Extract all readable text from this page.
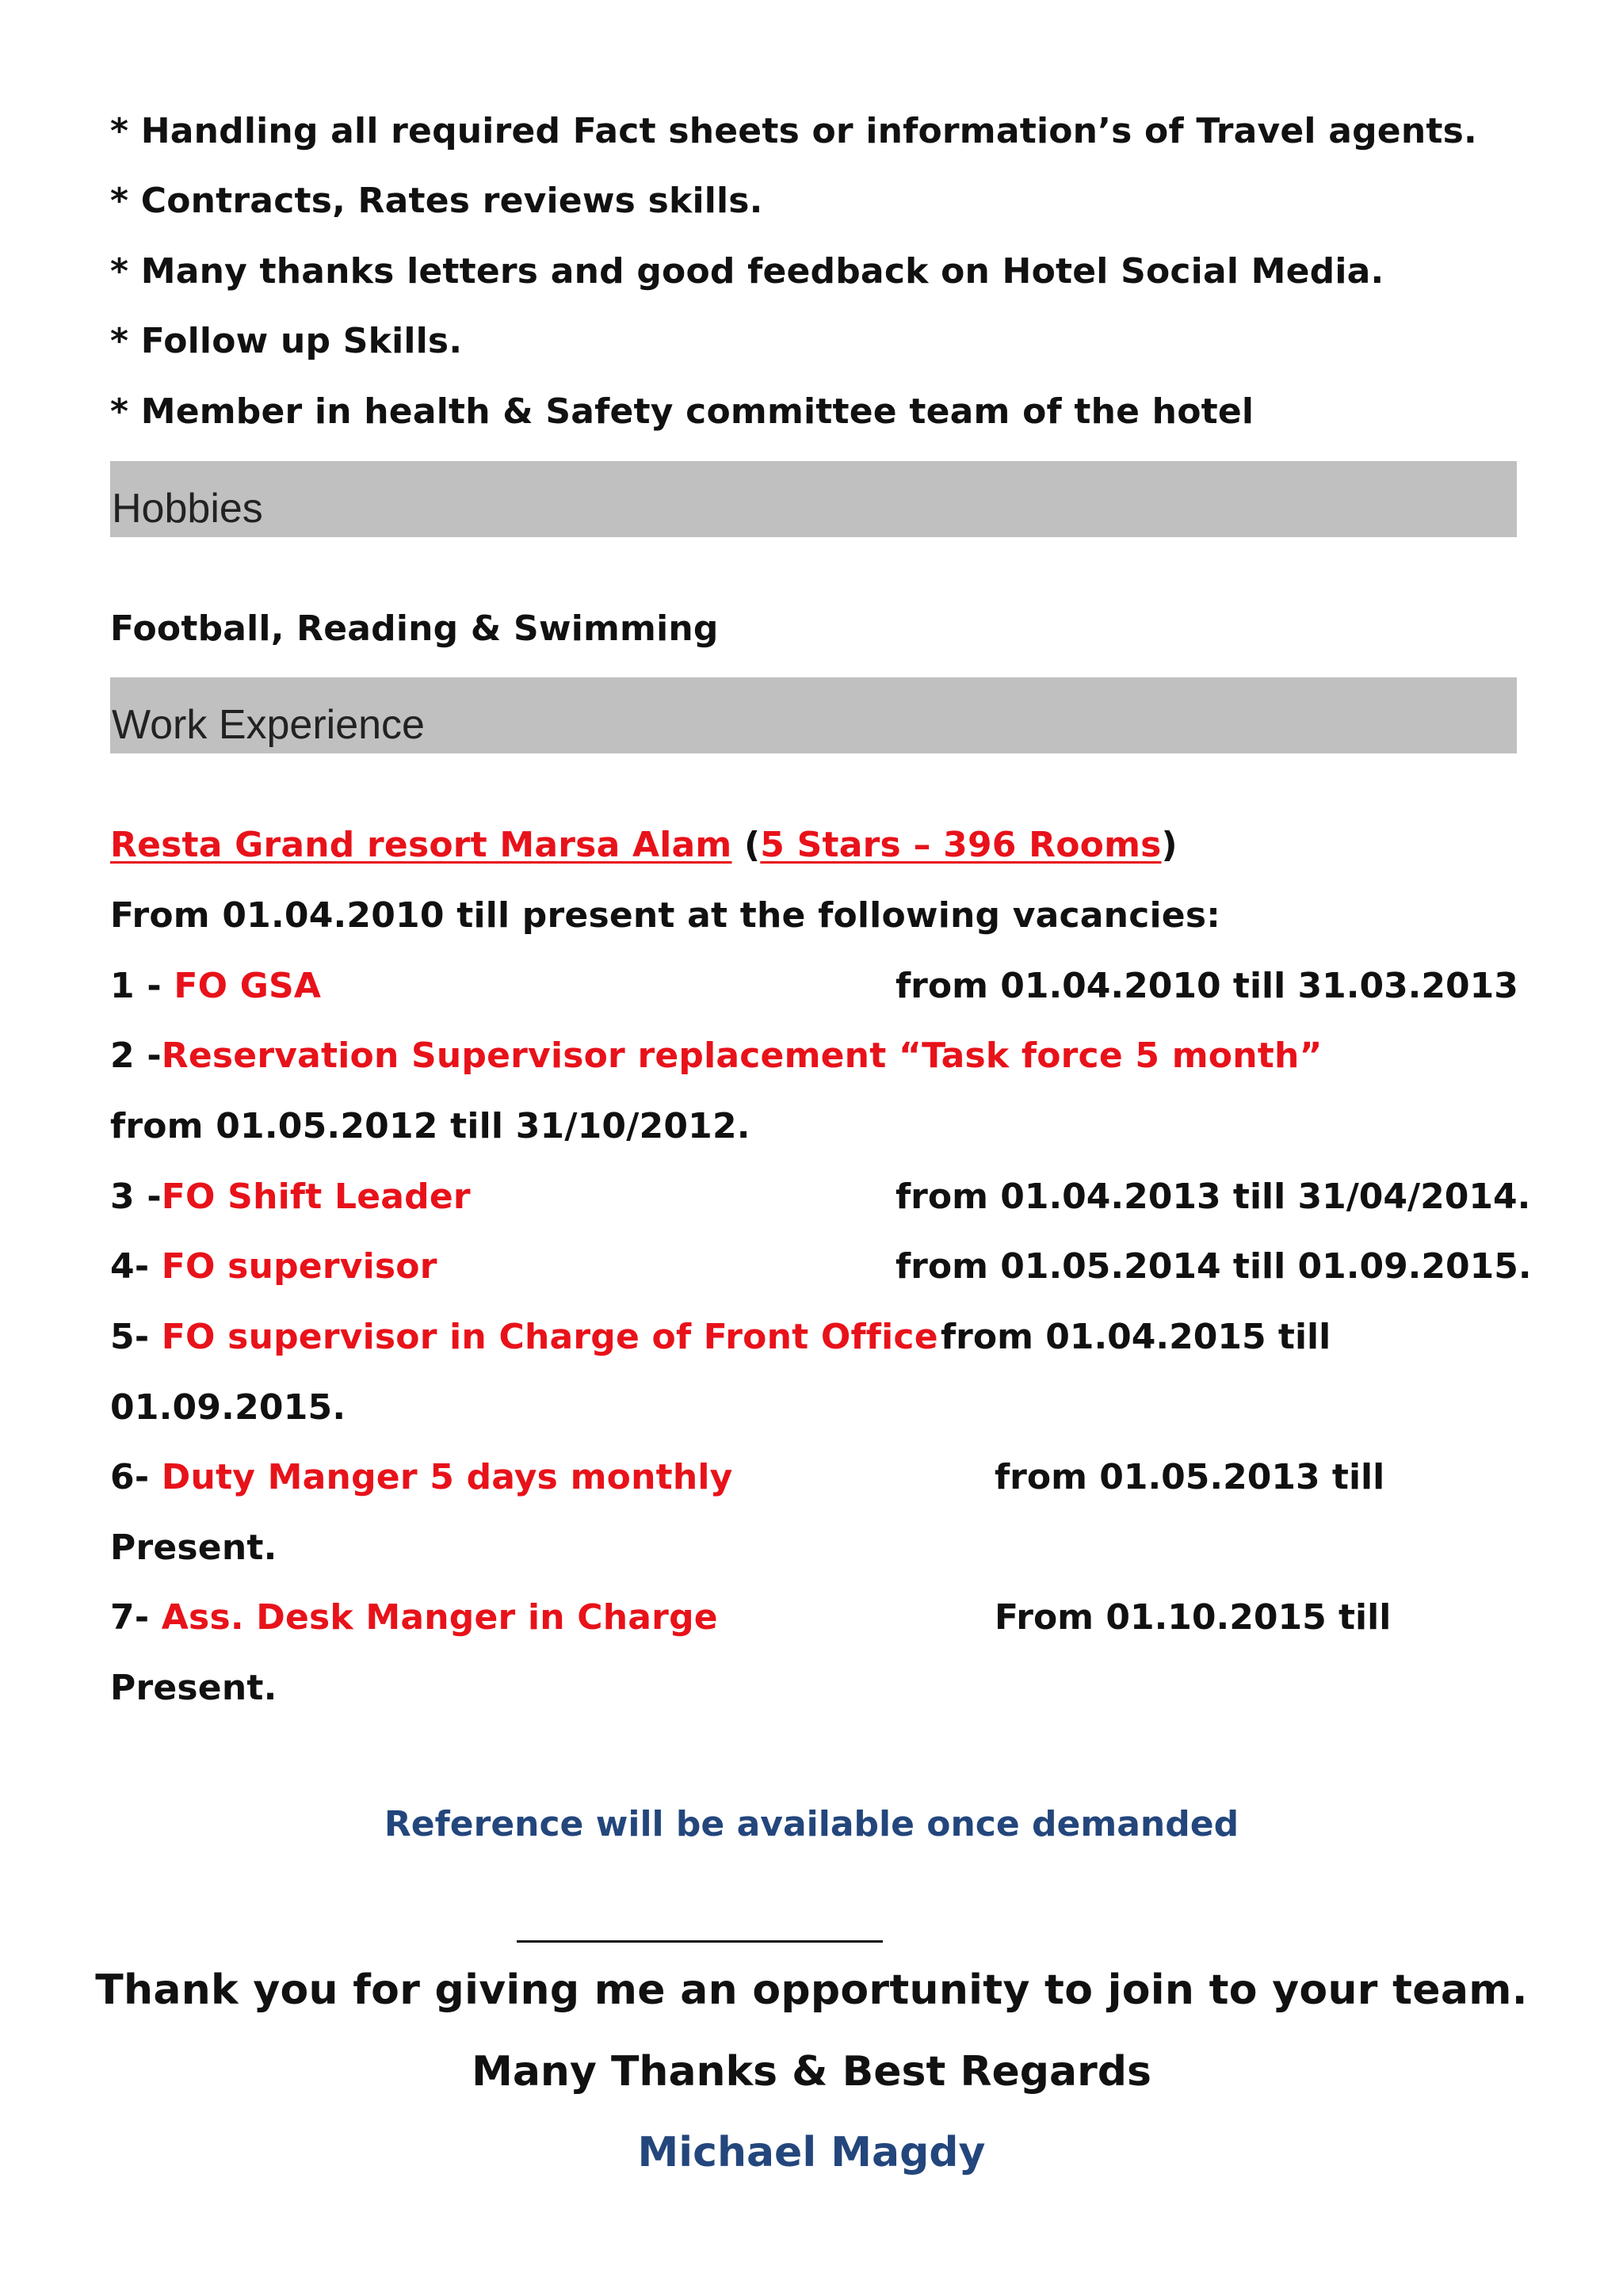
* Handling all required Fact sheets or information’s of Travel agents.
* Contracts, Rates reviews skills.
* Many thanks letters and good feedback on Hotel Social Media.
* Follow up Skills.
* Member in health & Safety committee team of the hotel
Hobbies
Football, Reading & Swimming
Work Experience
Resta Grand resort Marsa Alam (5 Stars – 396 Rooms)
From 01.04.2010 till present at the following vacancies:
1 - FO GSA	from 01.04.2010 till 31.03.2013
2 -Reservation Supervisor replacement “Task force 5 month”
from 01.05.2012 till 31/10/2012.
3 -FO Shift Leader	from 01.04.2013 till 31/04/2014.
4- FO supervisor	from 01.05.2014 till 01.09.2015.
5- FO supervisor in Charge of Front Office from 01.04.2015 till
01.09.2015.
6- Duty Manger 5 days monthly	from 01.05.2013 till
Present.
7- Ass. Desk Manger in Charge	From 01.10.2015 till
Present.
Reference will be available once demanded
Thank you for giving me an opportunity to join to your team.
Many Thanks & Best Regards
Michael Magdy
